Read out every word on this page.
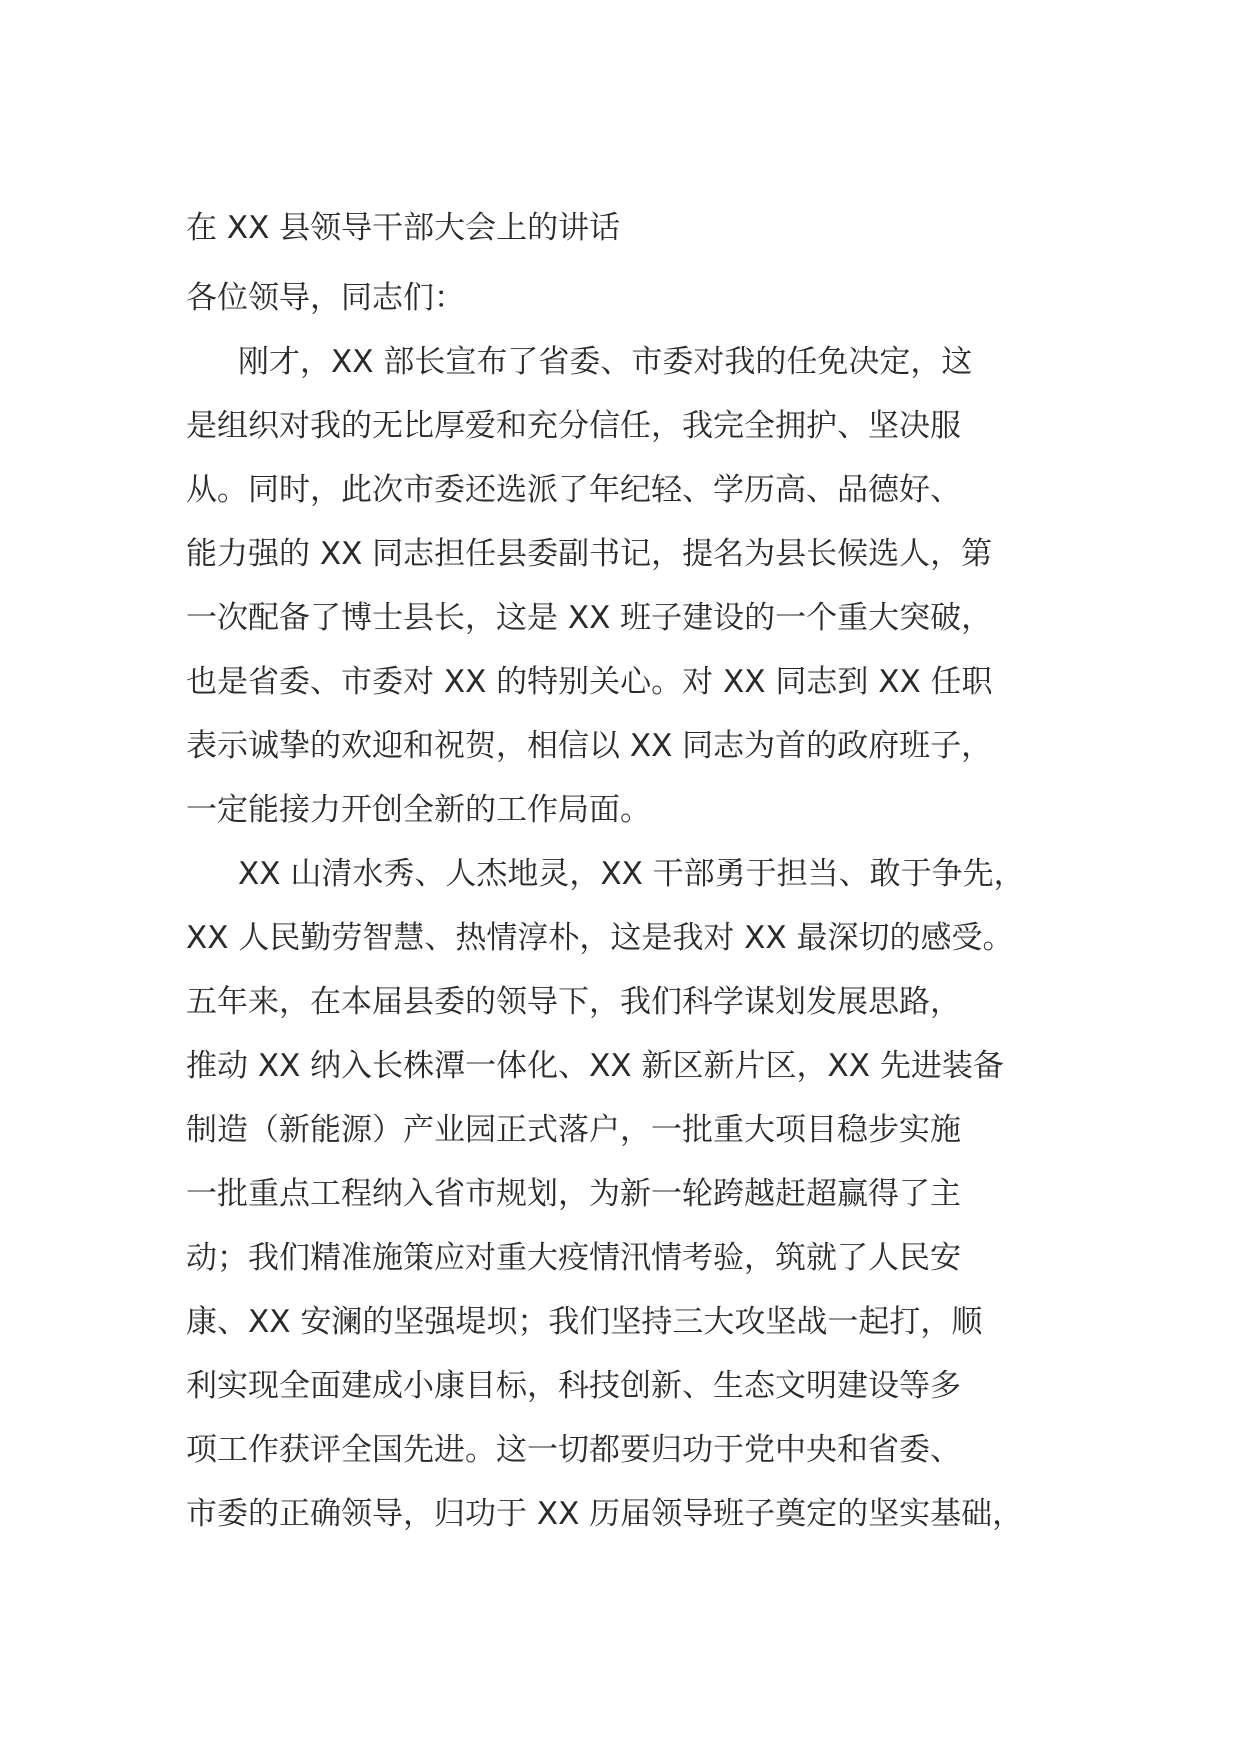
在 XX 县领导干部大会上的讲话

各位领导，同志们：

刚才，XX 部长宣布了省委、市委对我的任免决定，这
是组织对我的无比厚爱和充分信任，我完全拥护、坚决服
从。同时，此次市委还选派了年纪轻、学历高、品德好、
能力强的 XX 同志担任县委副书记，提名为县长候选人，第
一次配备了博士县长，这是 XX 班子建设的一个重大突破，
也是省委、市委对 XX 的特别关心。对 XX 同志到 XX 任职
表示诚挚的欢迎和祝贺，相信以 XX 同志为首的政府班子，
一定能接力开创全新的工作局面。
XX 山清水秀、人杰地灵，XX 干部勇于担当、敢于争先，
XX 人民勤劳智慧、热情淳朴，这是我对 XX 最深切的感受。
五年来，在本届县委的领导下，我们科学谋划发展思路，
推动 XX 纳入长株潭一体化、XX 新区新片区，XX 先进装备
制造（新能源）产业园正式落户，一批重大项目稳步实施
一批重点工程纳入省市规划，为新一轮跨越赶超赢得了主
动；我们精准施策应对重大疫情汛情考验，筑就了人民安
康、XX 安澜的坚强堤坝；我们坚持三大攻坚战一起打，顺
利实现全面建成小康目标，科技创新、生态文明建设等多
项工作获评全国先进。这一切都要归功于党中央和省委、
市委的正确领导，归功于 XX 历届领导班子奠定的坚实基础，
